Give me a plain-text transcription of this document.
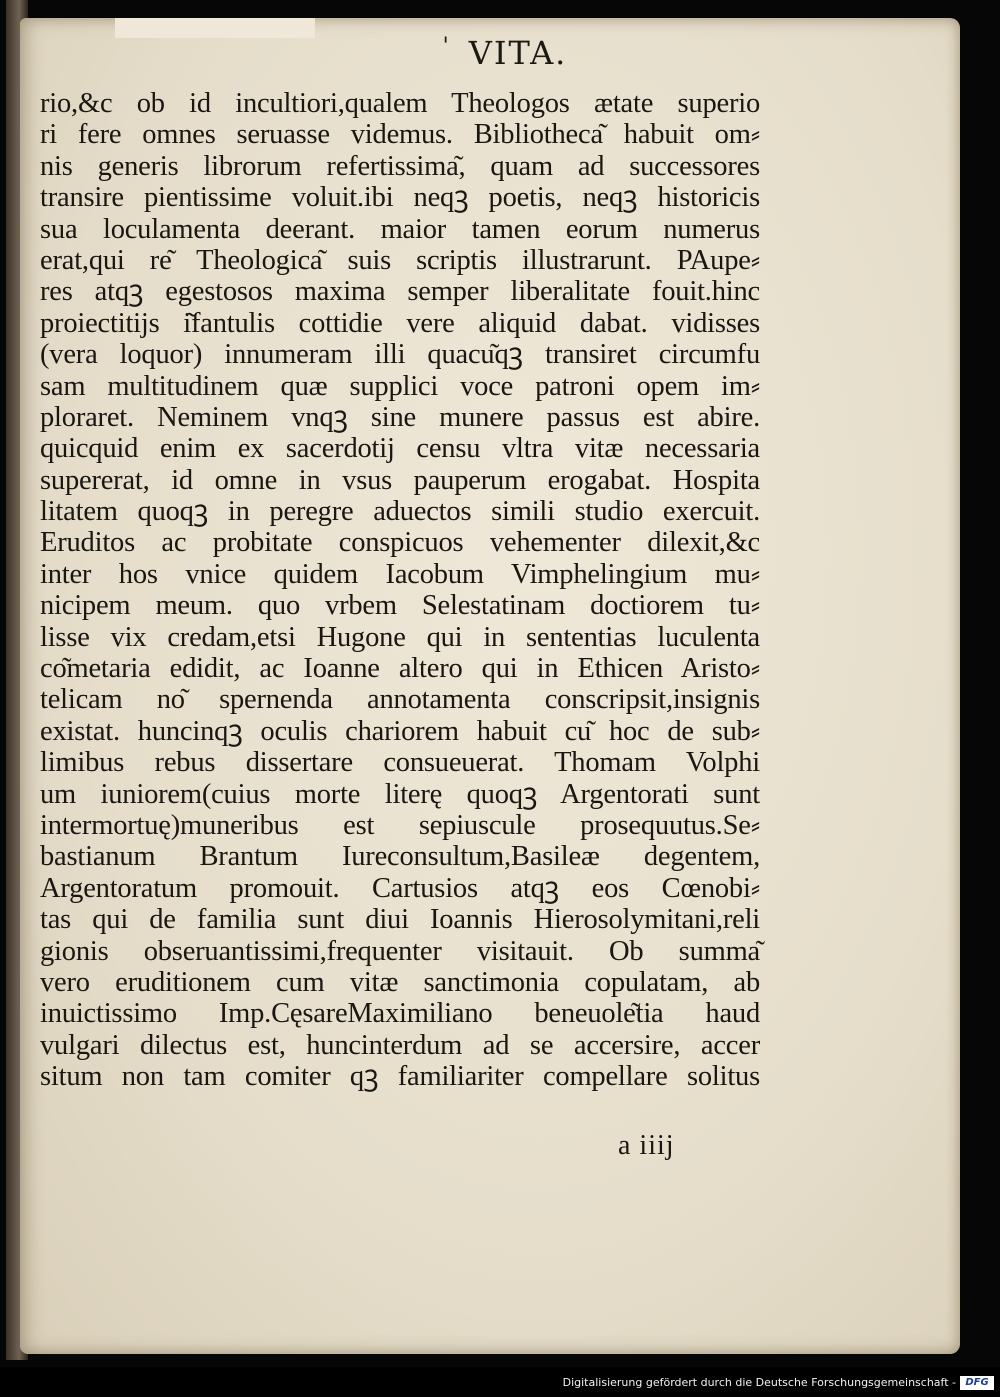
' VITA.
rio,&c ob id incultiori,qualem Theologos ætate superio
ri fere omnes seruasse videmus. Bibliotheca͂ habuit om⸗
nis generis librorum refertissima͂, quam ad successores
transire pientissime voluit.ibi neqꝫ poetis, neqꝫ historicis
sua loculamenta deerant. maior tamen eorum numerus
erat,qui re͂ Theologica͂ suis scriptis illustrarunt. PAupe⸗
res atqꝫ egestosos maxima semper liberalitate fouit.hinc
proiectitijs i͂fantulis cottidie vere aliquid dabat. vidisses
(vera loquor) innumeram illi quacu͂qꝫ transiret circumfu
sam multitudinem quæ supplici voce patroni opem im⸗
ploraret. Neminem vnqꝫ sine munere passus est abire.
quicquid enim ex sacerdotij censu vltra vitæ necessaria
supererat, id omne in vsus pauperum erogabat. Hospita
litatem quoqꝫ in peregre aduectos simili studio exercuit.
Eruditos ac probitate conspicuos vehementer dilexit,&c
inter hos vnice quidem Iacobum Vimphelingium mu⸗
nicipem meum. quo vrbem Selestatinam doctiorem tu⸗
lisse vix credam,etsi Hugone qui in sententias luculenta
co͂metaria edidit, ac Ioanne altero qui in Ethicen Aristo⸗
telicam no͂ spernenda annotamenta conscripsit,insignis
existat. huncinqꝫ oculis chariorem habuit cu͂ hoc de sub⸗
limibus rebus dissertare consueuerat. Thomam Volphi
um iuniorem(cuius morte literę quoqꝫ Argentorati sunt
intermortuę)muneribus est sepiuscule prosequutus.Se⸗
bastianum Brantum Iureconsultum,Basileæ degentem,
Argentoratum promouit. Cartusios atqꝫ eos Cœnobi⸗
tas qui de familia sunt diui Ioannis Hierosolymitani,reli
gionis obseruantissimi,frequenter visitauit. Ob summa͂
vero eruditionem cum vitæ sanctimonia copulatam, ab
inuictissimo Imp.CęsareMaximiliano beneuole͂tia haud
vulgari dilectus est, huncinterdum ad se accersire, accer
situm non tam comiter qꝫ familiariter compellare solitus
a iiij
Digitalisierung gefördert durch die Deutsche Forschungsgemeinschaft - DFG
